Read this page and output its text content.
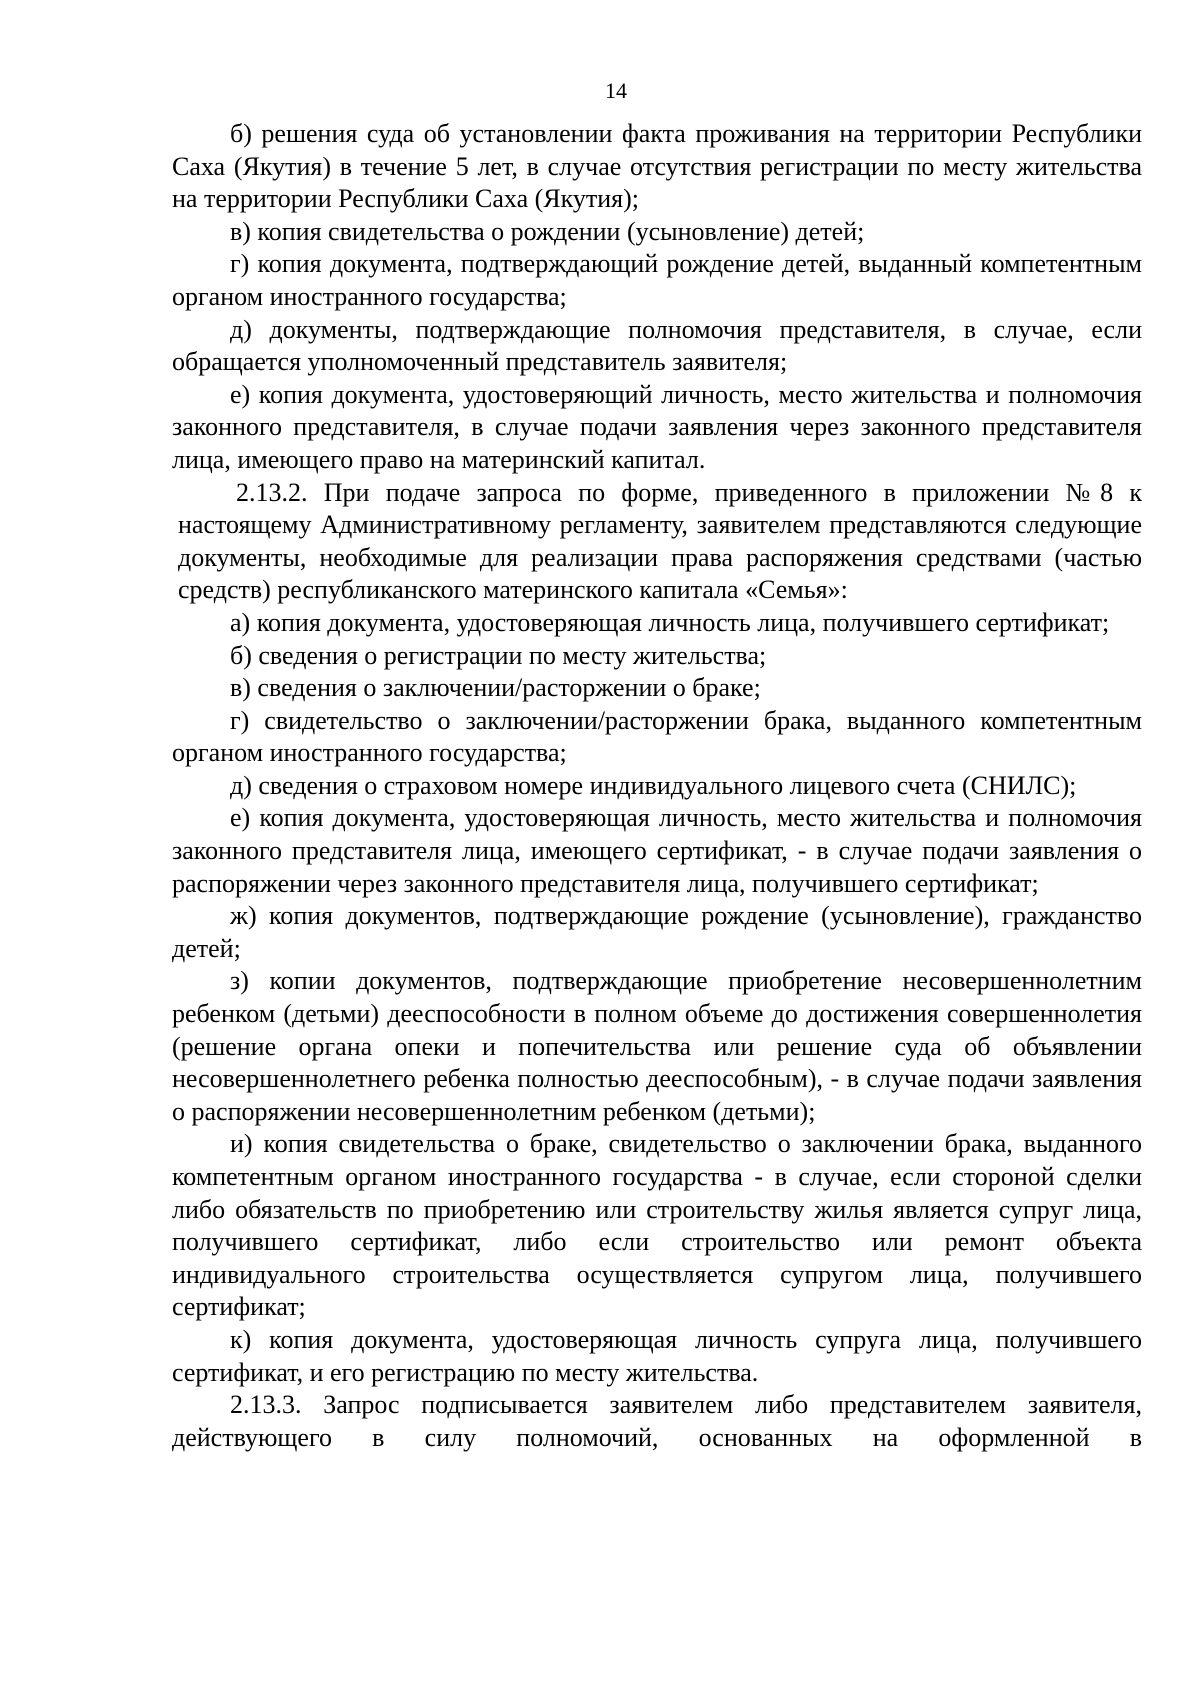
14

б) решения суда об установлении факта проживания на территории Республики Саха (Якутия) в течение 5 лет, в случае отсутствия регистрации по месту жительства на территории Республики Саха (Якутия);

в) копия свидетельства о рождении (усыновление) детей;

г) копия документа, подтверждающий рождение детей, выданный компетентным органом иностранного государства;

д) документы, подтверждающие полномочия представителя, в случае, если обращается уполномоченный представитель заявителя;

е) копия документа, удостоверяющий личность, место жительства и полномочия законного представителя, в случае подачи заявления через законного представителя лица, имеющего право на материнский капитал.

2.13.2. При подаче запроса по форме, приведенного в приложении №8 к настоящему Административному регламенту, заявителем представляются следующие документы, необходимые для реализации права распоряжения средствами (частью средств) республиканского материнского капитала «Семья»:

а) копия документа, удостоверяющая личность лица, получившего сертификат;

б) сведения о регистрации по месту жительства;

в) сведения о заключении/расторжении о браке;

г) свидетельство о заключении/расторжении брака, выданного компетентным органом иностранного государства;

д) сведения о страховом номере индивидуального лицевого счета (СНИЛС);

е) копия документа, удостоверяющая личность, место жительства и полномочия законного представителя лица, имеющего сертификат, - в случае подачи заявления о распоряжении через законного представителя лица, получившего сертификат;

ж) копия документов, подтверждающие рождение (усыновление), гражданство детей;

з) копии документов, подтверждающие приобретение несовершеннолетним ребенком (детьми) дееспособности в полном объеме до достижения совершеннолетия (решение органа опеки и попечительства или решение суда об объявлении несовершеннолетнего ребенка полностью дееспособным), - в случае подачи заявления о распоряжении несовершеннолетним ребенком (детьми);

и) копия свидетельства о браке, свидетельство о заключении брака, выданного компетентным органом иностранного государства - в случае, если стороной сделки либо обязательств по приобретению или строительству жилья является супруг лица, получившего сертификат, либо если строительство или ремонт объекта индивидуального строительства осуществляется супругом лица, получившего сертификат;

к) копия документа, удостоверяющая личность супруга лица, получившего сертификат, и его регистрацию по месту жительства.

2.13.3. Запрос подписывается заявителем либо представителем заявителя, действующего в силу полномочий, основанных на оформленной в
